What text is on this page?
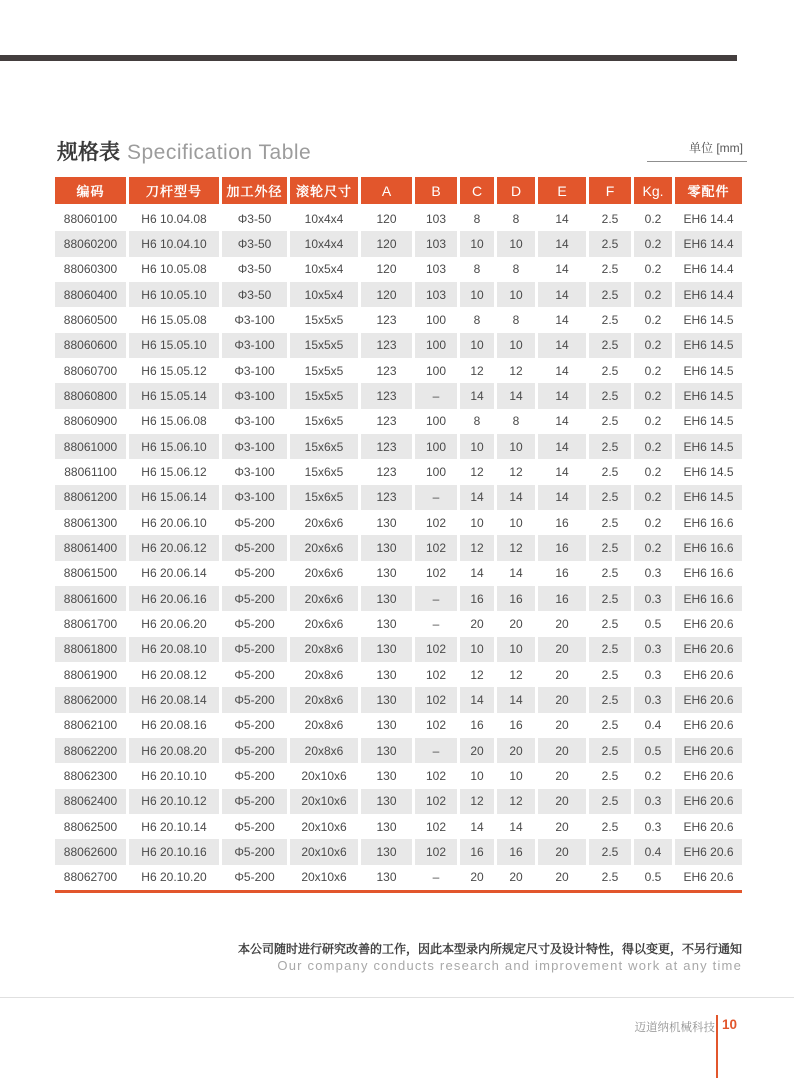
规格表 Specification Table	单位 [mm]
编码	刀杆型号	加工外径	滚轮尺寸	A	B	C	D	E	F	Kg.	零配件
88060100	H6 10.04.08	Φ3-50	10x4x4	120	103	8	8	14	2.5	0.2	EH6 14.4
88060200	H6 10.04.10	Φ3-50	10x4x4	120	103	10	10	14	2.5	0.2	EH6 14.4
88060300	H6 10.05.08	Φ3-50	10x5x4	120	103	8	8	14	2.5	0.2	EH6 14.4
88060400	H6 10.05.10	Φ3-50	10x5x4	120	103	10	10	14	2.5	0.2	EH6 14.4
88060500	H6 15.05.08	Φ3-100	15x5x5	123	100	8	8	14	2.5	0.2	EH6 14.5
88060600	H6 15.05.10	Φ3-100	15x5x5	123	100	10	10	14	2.5	0.2	EH6 14.5
88060700	H6 15.05.12	Φ3-100	15x5x5	123	100	12	12	14	2.5	0.2	EH6 14.5
88060800	H6 15.05.14	Φ3-100	15x5x5	123	–	14	14	14	2.5	0.2	EH6 14.5
88060900	H6 15.06.08	Φ3-100	15x6x5	123	100	8	8	14	2.5	0.2	EH6 14.5
88061000	H6 15.06.10	Φ3-100	15x6x5	123	100	10	10	14	2.5	0.2	EH6 14.5
88061100	H6 15.06.12	Φ3-100	15x6x5	123	100	12	12	14	2.5	0.2	EH6 14.5
88061200	H6 15.06.14	Φ3-100	15x6x5	123	–	14	14	14	2.5	0.2	EH6 14.5
88061300	H6 20.06.10	Φ5-200	20x6x6	130	102	10	10	16	2.5	0.2	EH6 16.6
88061400	H6 20.06.12	Φ5-200	20x6x6	130	102	12	12	16	2.5	0.2	EH6 16.6
88061500	H6 20.06.14	Φ5-200	20x6x6	130	102	14	14	16	2.5	0.3	EH6 16.6
88061600	H6 20.06.16	Φ5-200	20x6x6	130	–	16	16	16	2.5	0.3	EH6 16.6
88061700	H6 20.06.20	Φ5-200	20x6x6	130	–	20	20	20	2.5	0.5	EH6 20.6
88061800	H6 20.08.10	Φ5-200	20x8x6	130	102	10	10	20	2.5	0.3	EH6 20.6
88061900	H6 20.08.12	Φ5-200	20x8x6	130	102	12	12	20	2.5	0.3	EH6 20.6
88062000	H6 20.08.14	Φ5-200	20x8x6	130	102	14	14	20	2.5	0.3	EH6 20.6
88062100	H6 20.08.16	Φ5-200	20x8x6	130	102	16	16	20	2.5	0.4	EH6 20.6
88062200	H6 20.08.20	Φ5-200	20x8x6	130	–	20	20	20	2.5	0.5	EH6 20.6
88062300	H6 20.10.10	Φ5-200	20x10x6	130	102	10	10	20	2.5	0.2	EH6 20.6
88062400	H6 20.10.12	Φ5-200	20x10x6	130	102	12	12	20	2.5	0.3	EH6 20.6
88062500	H6 20.10.14	Φ5-200	20x10x6	130	102	14	14	20	2.5	0.3	EH6 20.6
88062600	H6 20.10.16	Φ5-200	20x10x6	130	102	16	16	20	2.5	0.4	EH6 20.6
88062700	H6 20.10.20	Φ5-200	20x10x6	130	–	20	20	20	2.5	0.5	EH6 20.6
本公司随时进行研究改善的工作，因此本型录内所规定尺寸及设计特性，得以变更，不另行通知
Our company conducts research and improvement work at any time
迈道纳机械科技 10
